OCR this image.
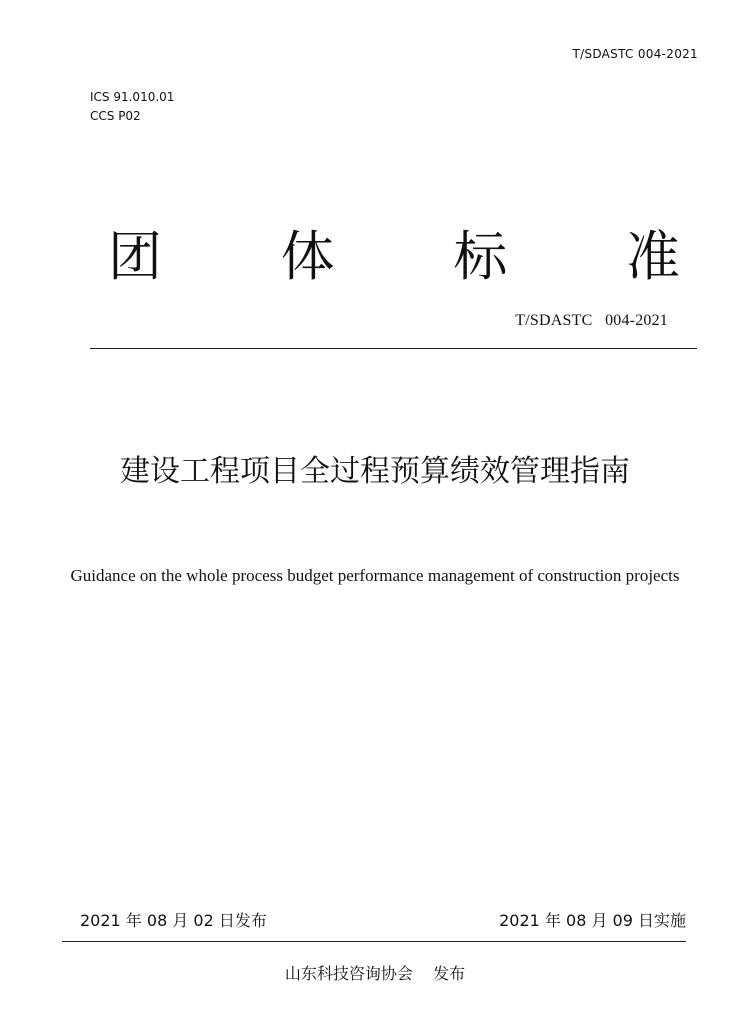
T/SDASTC 004-2021
ICS 91.010.01
CCS P02
团 体 标 准
T/SDASTC   004-2021
建设工程项目全过程预算绩效管理指南
Guidance on the whole process budget performance management of construction projects
2021 年 08 月 02 日发布	2021 年 08 月 09 日实施
山东科技咨询协会    发布
